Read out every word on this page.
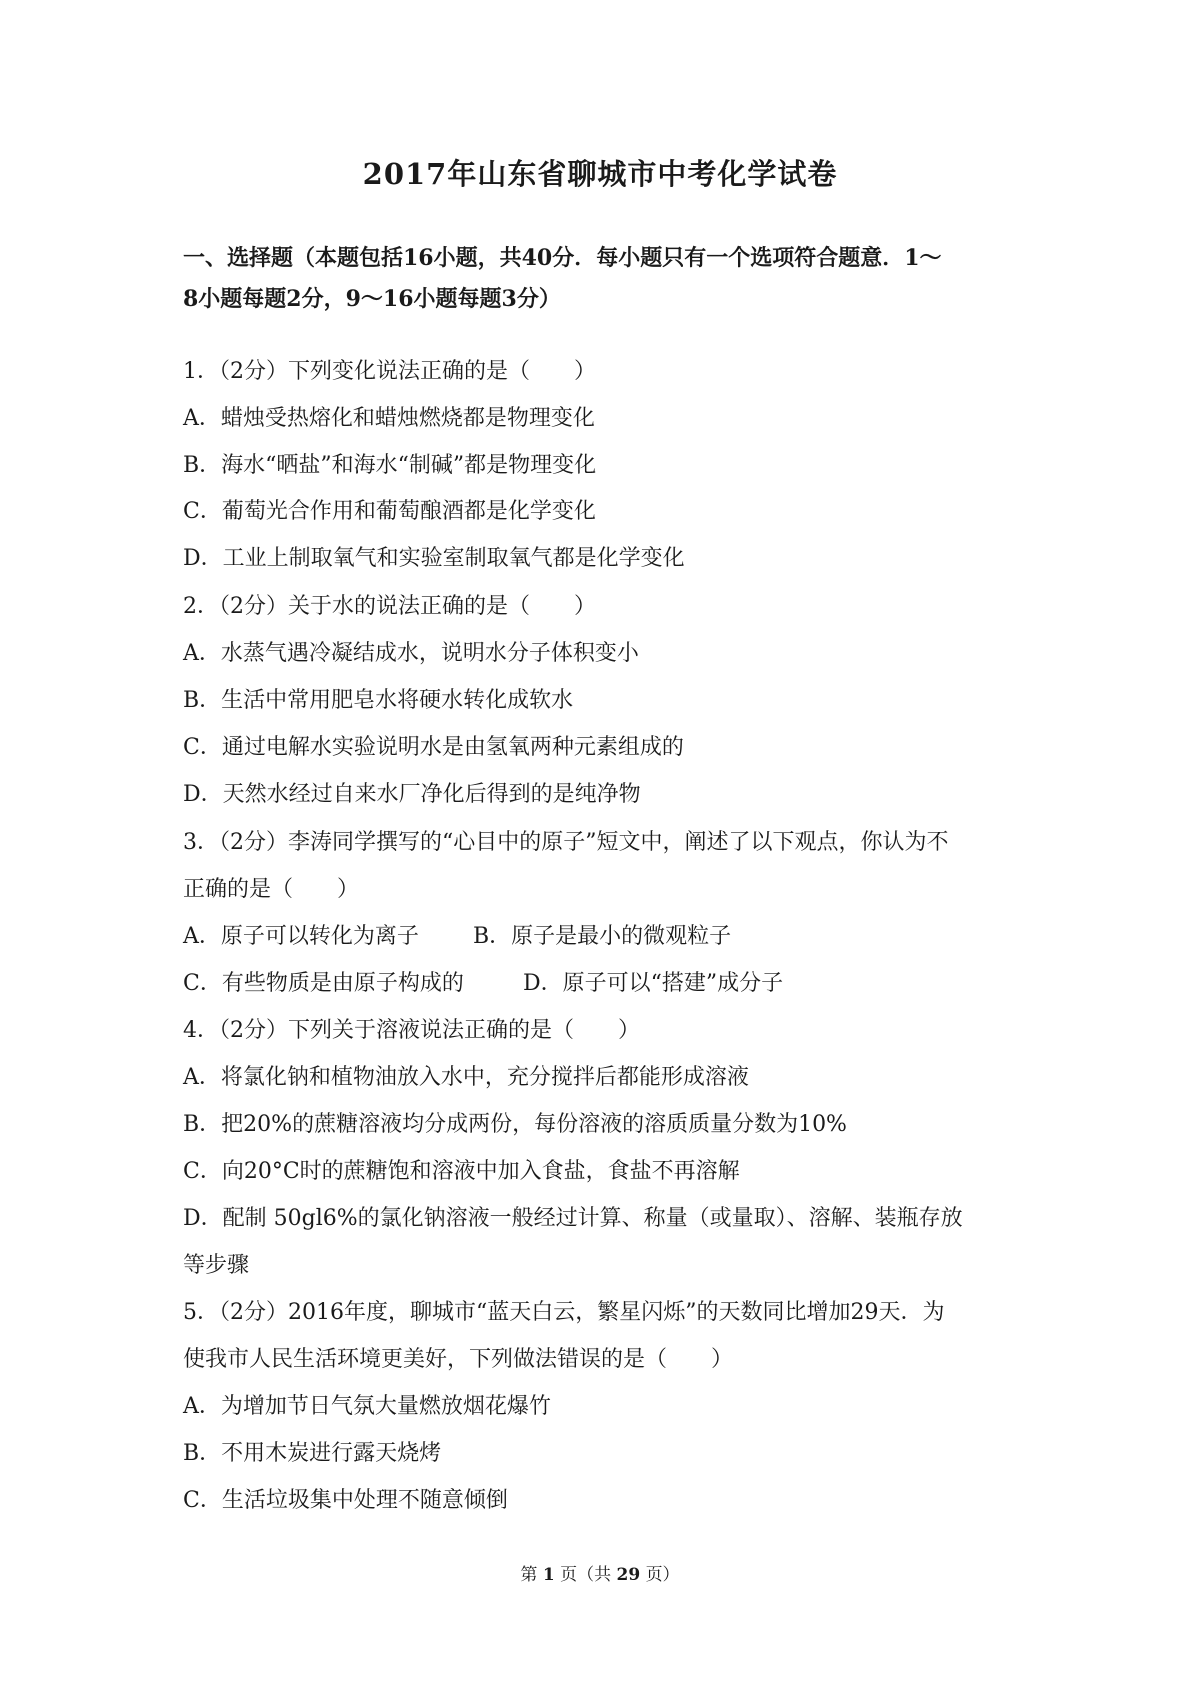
2017年山东省聊城市中考化学试卷
一、选择题（本题包括16小题，共40分．每小题只有一个选项符合题意．1～
8小题每题2分，9～16小题每题3分）
1．（2分）下列变化说法正确的是（　　）
A．蜡烛受热熔化和蜡烛燃烧都是物理变化
B．海水“晒盐”和海水“制碱”都是物理变化
C．葡萄光合作用和葡萄酿酒都是化学变化
D．工业上制取氧气和实验室制取氧气都是化学变化
2．（2分）关于水的说法正确的是（　　）
A．水蒸气遇冷凝结成水，说明水分子体积变小
B．生活中常用肥皂水将硬水转化成软水
C．通过电解水实验说明水是由氢氧两种元素组成的
D．天然水经过自来水厂净化后得到的是纯净物
3．（2分）李涛同学撰写的“心目中的原子”短文中，阐述了以下观点，你认为不
正确的是（　　）
A．原子可以转化为离子 B．原子是最小的微观粒子
C．有些物质是由原子构成的	D．原子可以“搭建”成分子
4．（2分）下列关于溶液说法正确的是（　　）
A．将氯化钠和植物油放入水中，充分搅拌后都能形成溶液
B．把20%的蔗糖溶液均分成两份，每份溶液的溶质质量分数为10%
C．向20°C时的蔗糖饱和溶液中加入食盐，食盐不再溶解
D．配制 50gl6%的氯化钠溶液一般经过计算、称量（或量取）、溶解、装瓶存放
等步骤
5．（2分）2016年度，聊城市“蓝天白云，繁星闪烁”的天数同比增加29天．为
使我市人民生活环境更美好，下列做法错误的是（　　）
A．为增加节日气氛大量燃放烟花爆竹
B．不用木炭进行露天烧烤
C．生活垃圾集中处理不随意倾倒
第 1 页（共 29 页）
